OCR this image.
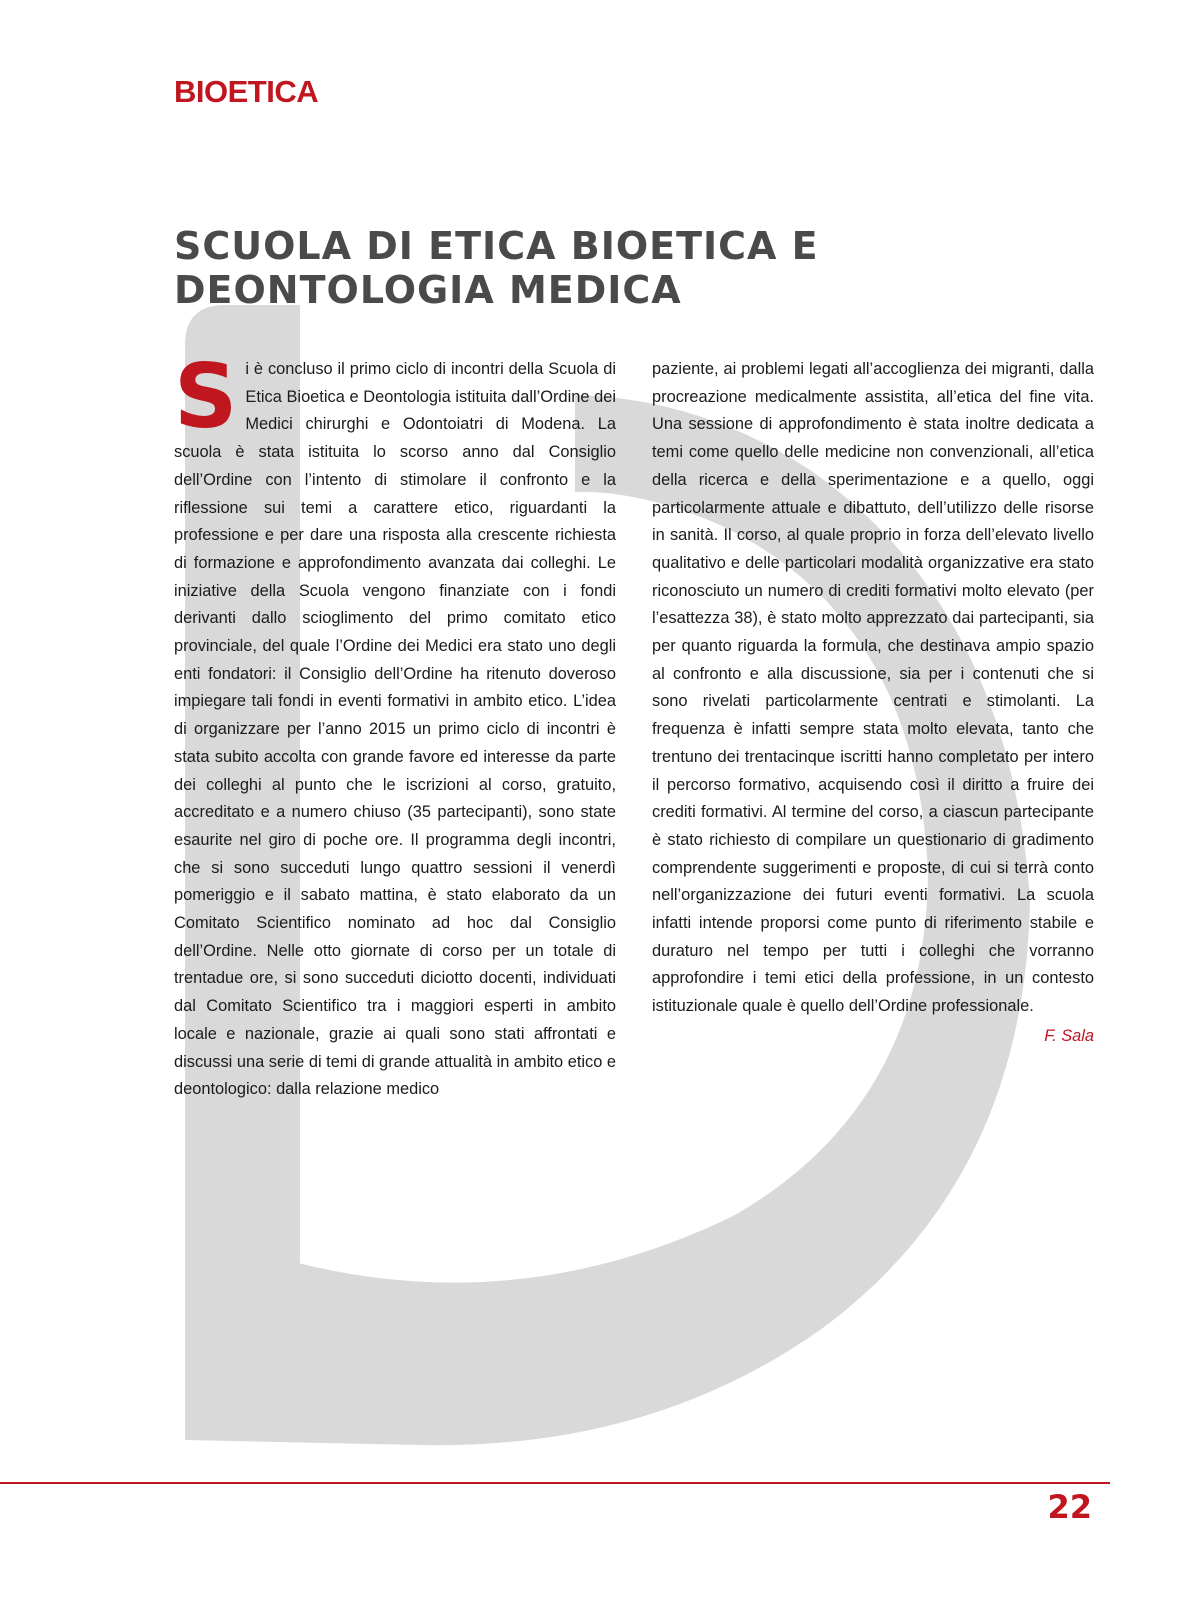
BIOETICA
SCUOLA DI ETICA BIOETICA E
DEONTOLOGIA MEDICA

Si è concluso il primo ciclo di incontri della Scuola di Etica Bioetica e Deontologia istituita dall’Ordine dei Medici chirurghi e Odontoiatri di Modena. La scuola è stata istituita lo scorso anno dal Consiglio dell’Ordine con l’intento di stimolare il confronto e la riflessione sui temi a carattere etico, riguardanti la professione e per dare una risposta alla crescente richiesta di formazione e approfondimento avanzata dai colleghi. Le iniziative della Scuola vengono finanziate con i fondi derivanti dallo scioglimento del primo comitato etico provinciale, del quale l’Ordine dei Medici era stato uno degli enti fondatori: il Consiglio dell’Ordine ha ritenuto doveroso impiegare tali fondi in eventi formativi in ambito etico. L’idea di organizzare per l’anno 2015 un primo ciclo di incontri è stata subito accolta con grande favore ed interesse da parte dei colleghi al punto che le iscrizioni al corso, gratuito, accreditato e a numero chiuso (35 partecipanti), sono state esaurite nel giro di poche ore. Il programma degli incontri, che si sono succeduti lungo quattro sessioni il venerdì pomeriggio e il sabato mattina, è stato elaborato da un Comitato Scientifico nominato ad hoc dal Consiglio dell’Ordine. Nelle otto giornate di corso per un totale di trentadue ore, si sono succeduti diciotto docenti, individuati dal Comitato Scientifico tra i maggiori esperti in ambito locale e nazionale, grazie ai quali sono stati affrontati e discussi una serie di temi di grande attualità in ambito etico e deontologico: dalla relazione medico

paziente, ai problemi legati all’accoglienza dei migranti, dalla procreazione medicalmente assistita, all’etica del fine vita. Una sessione di approfondimento è stata inoltre dedicata a temi come quello delle medicine non convenzionali, all’etica della ricerca e della sperimentazione e a quello, oggi particolarmente attuale e dibattuto, dell’utilizzo delle risorse in sanità. Il corso, al quale proprio in forza dell’elevato livello qualitativo e delle particolari modalità organizzative era stato riconosciuto un numero di crediti formativi molto elevato (per l’esattezza 38), è stato molto apprezzato dai partecipanti, sia per quanto riguarda la formula, che destinava ampio spazio al confronto e alla discussione, sia per i contenuti che si sono rivelati particolarmente centrati e stimolanti. La frequenza è infatti sempre stata molto elevata, tanto che trentuno dei trentacinque iscritti hanno completato per intero il percorso formativo, acquisendo così il diritto a fruire dei crediti formativi. Al termine del corso, a ciascun partecipante è stato richiesto di compilare un questionario di gradimento comprendente suggerimenti e proposte, di cui si terrà conto nell’organizzazione dei futuri eventi formativi. La scuola infatti intende proporsi come punto di riferimento stabile e duraturo nel tempo per tutti i colleghi che vorranno approfondire i temi etici della professione, in un contesto istituzionale quale è quello dell’Ordine professionale.

F. Sala

22
